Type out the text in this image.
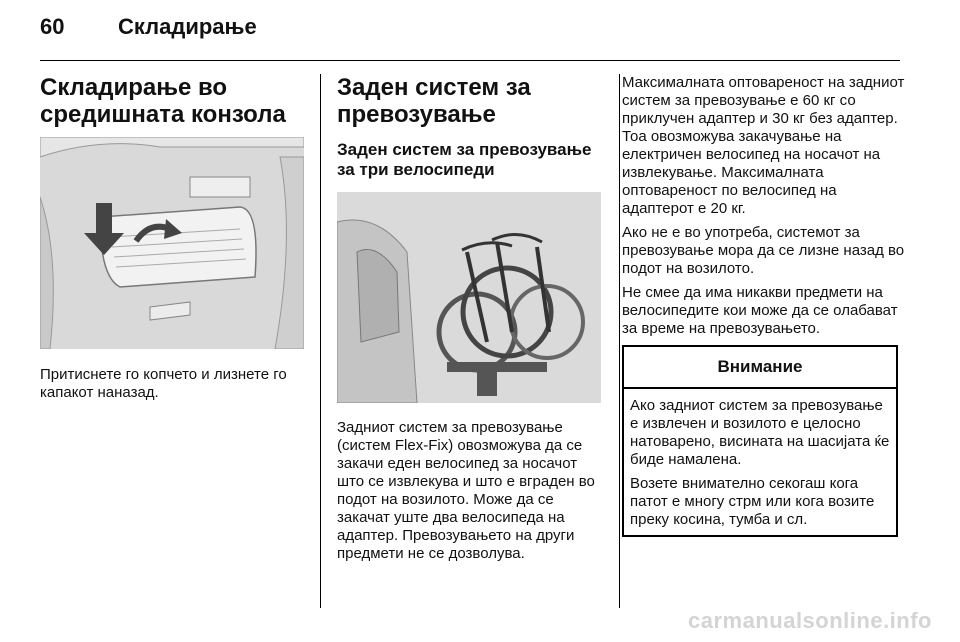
60 Складирање
Складирање во средишната конзола

Притиснете го копчето и лизнете го капакот наназад.

Заден систем за превозување
Заден систем за превозување за три велосипеди

Задниот систем за превозување (систем Flex-Fix) овозможува да се закачи еден велосипед за носачот што се извлекува и што е вграден во подот на возилото. Може да се закачат уште два велосипеда на адаптер. Превозувањето на други предмети не се дозволува.

Максималната оптовареност на задниот систем за превозување е 60 кг со приклучен адаптер и 30 кг без адаптер. Тоа овозможува закачување на електричен велосипед на носачот на извлекување. Максималната оптовареност по велосипед на адаптерот е 20 кг.

Ако не е во употреба, системот за превозување мора да се лизне назад во подот на возилото.

Не смее да има никакви предмети на велосипедите кои може да се олабават за време на превозувањето.

Внимание

Ако задниот систем за превозување е извлечен и возилото е целосно натоварено, висината на шасијата ќе биде намалена.

Возете внимателно секогаш кога патот е многу стрм или кога возите преку косина, тумба и сл.

carmanualsonline.info
